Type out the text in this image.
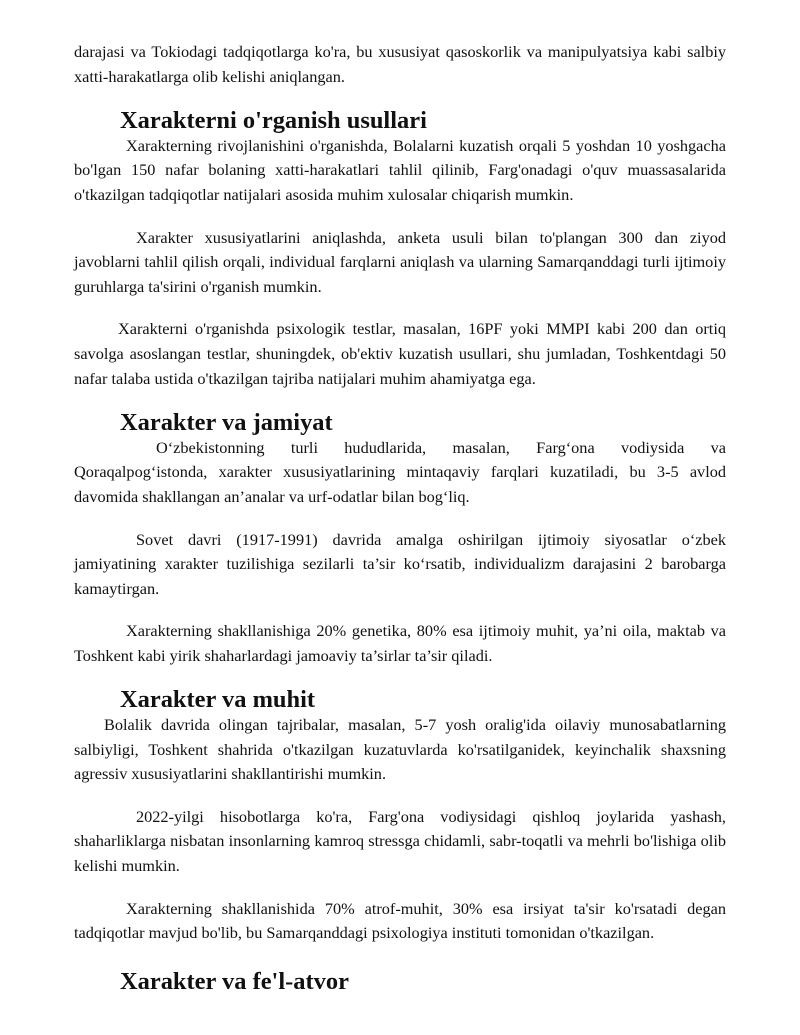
darajasi va Tokiodagi tadqiqotlarga ko'ra, bu xususiyat qasoskorlik va manipulyatsiya kabi salbiy xatti-harakatlarga olib kelishi aniqlangan.

Xarakterni o'rganish usullari

Xarakterning rivojlanishini o'rganishda, Bolalarni kuzatish orqali 5 yoshdan 10 yoshgacha bo'lgan 150 nafar bolaning xatti-harakatlari tahlil qilinib, Farg'onadagi o'quv muassasalarida o'tkazilgan tadqiqotlar natijalari asosida muhim xulosalar chiqarish mumkin.

Xarakter xususiyatlarini aniqlashda, anketa usuli bilan to'plangan 300 dan ziyod javoblarni tahlil qilish orqali, individual farqlarni aniqlash va ularning Samarqanddagi turli ijtimoiy guruhlarga ta'sirini o'rganish mumkin.

Xarakterni o'rganishda psixologik testlar, masalan, 16PF yoki MMPI kabi 200 dan ortiq savolga asoslangan testlar, shuningdek, ob'ektiv kuzatish usullari, shu jumladan, Toshkentdagi 50 nafar talaba ustida o'tkazilgan tajriba natijalari muhim ahamiyatga ega.

Xarakter va jamiyat

O‘zbekistonning turli hududlarida, masalan, Farg‘ona vodiysida va Qoraqalpog‘istonda, xarakter xususiyatlarining mintaqaviy farqlari kuzatiladi, bu 3-5 avlod davomida shakllangan an’analar va urf-odatlar bilan bog‘liq.

Sovet davri (1917-1991) davrida amalga oshirilgan ijtimoiy siyosatlar o‘zbek jamiyatining xarakter tuzilishiga sezilarli ta’sir ko‘rsatib, individualizm darajasini 2 barobarga kamaytirgan.

Xarakterning shakllanishiga 20% genetika, 80% esa ijtimoiy muhit, ya’ni oila, maktab va Toshkent kabi yirik shaharlardagi jamoaviy ta’sirlar ta’sir qiladi.

Xarakter va muhit

Bolalik davrida olingan tajribalar, masalan, 5-7 yosh oralig'ida oilaviy munosabatlarning salbiyligi, Toshkent shahrida o'tkazilgan kuzatuvlarda ko'rsatilganidek, keyinchalik shaxsning agressiv xususiyatlarini shakllantirishi mumkin.

2022-yilgi hisobotlarga ko'ra, Farg'ona vodiysidagi qishloq joylarida yashash, shaharliklarga nisbatan insonlarning kamroq stressga chidamli, sabr-toqatli va mehrli bo'lishiga olib kelishi mumkin.

Xarakterning shakllanishida 70% atrof-muhit, 30% esa irsiyat ta'sir ko'rsatadi degan tadqiqotlar mavjud bo'lib, bu Samarqanddagi psixologiya instituti tomonidan o'tkazilgan.

Xarakter va fe'l-atvor
